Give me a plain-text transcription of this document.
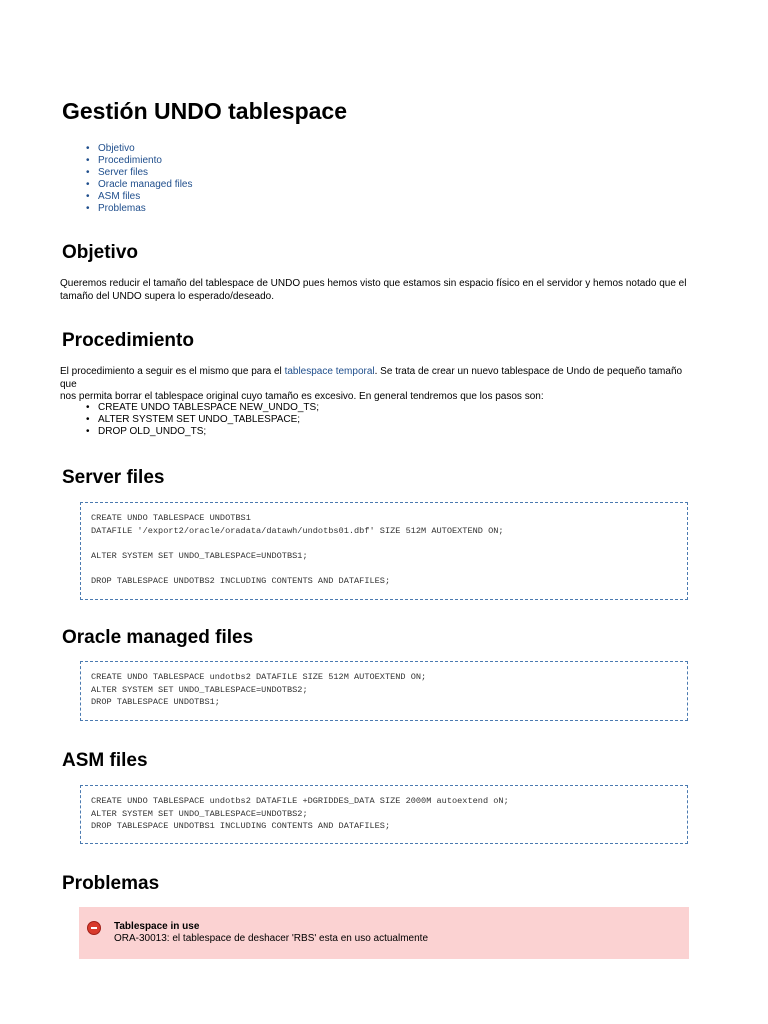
Gestión UNDO tablespace
• Objetivo
• Procedimiento
• Server files
• Oracle managed files
• ASM files
• Problemas
Objetivo

Queremos reducir el tamaño del tablespace de UNDO pues hemos visto que estamos sin espacio físico en el servidor y hemos notado que el
tamaño del UNDO supera lo esperado/deseado.

Procedimiento

El procedimiento a seguir es el mismo que para el tablespace temporal. Se trata de crear un nuevo tablespace de Undo de pequeño tamaño que
nos permita borrar el tablespace original cuyo tamaño es excesivo. En general tendremos que los pasos son:

• CREATE UNDO TABLESPACE NEW_UNDO_TS;
• ALTER SYSTEM SET UNDO_TABLESPACE;
• DROP OLD_UNDO_TS;
Server files
CREATE UNDO TABLESPACE UNDOTBS1
DATAFILE '/export2/oracle/oradata/datawh/undotbs01.dbf' SIZE 512M AUTOEXTEND ON;
ALTER SYSTEM SET UNDO_TABLESPACE=UNDOTBS1;
DROP TABLESPACE UNDOTBS2 INCLUDING CONTENTS AND DATAFILES;
Oracle managed files
CREATE UNDO TABLESPACE undotbs2 DATAFILE SIZE 512M AUTOEXTEND ON;
ALTER SYSTEM SET UNDO_TABLESPACE=UNDOTBS2;
DROP TABLESPACE UNDOTBS1;
ASM files
CREATE UNDO TABLESPACE undotbs2 DATAFILE +DGRIDDES_DATA SIZE 2000M autoextend oN;
ALTER SYSTEM SET UNDO_TABLESPACE=UNDOTBS2;
DROP TABLESPACE UNDOTBS1 INCLUDING CONTENTS AND DATAFILES;
Problemas
Tablespace in use
ORA-30013: el tablespace de deshacer 'RBS' esta en uso actualmente
